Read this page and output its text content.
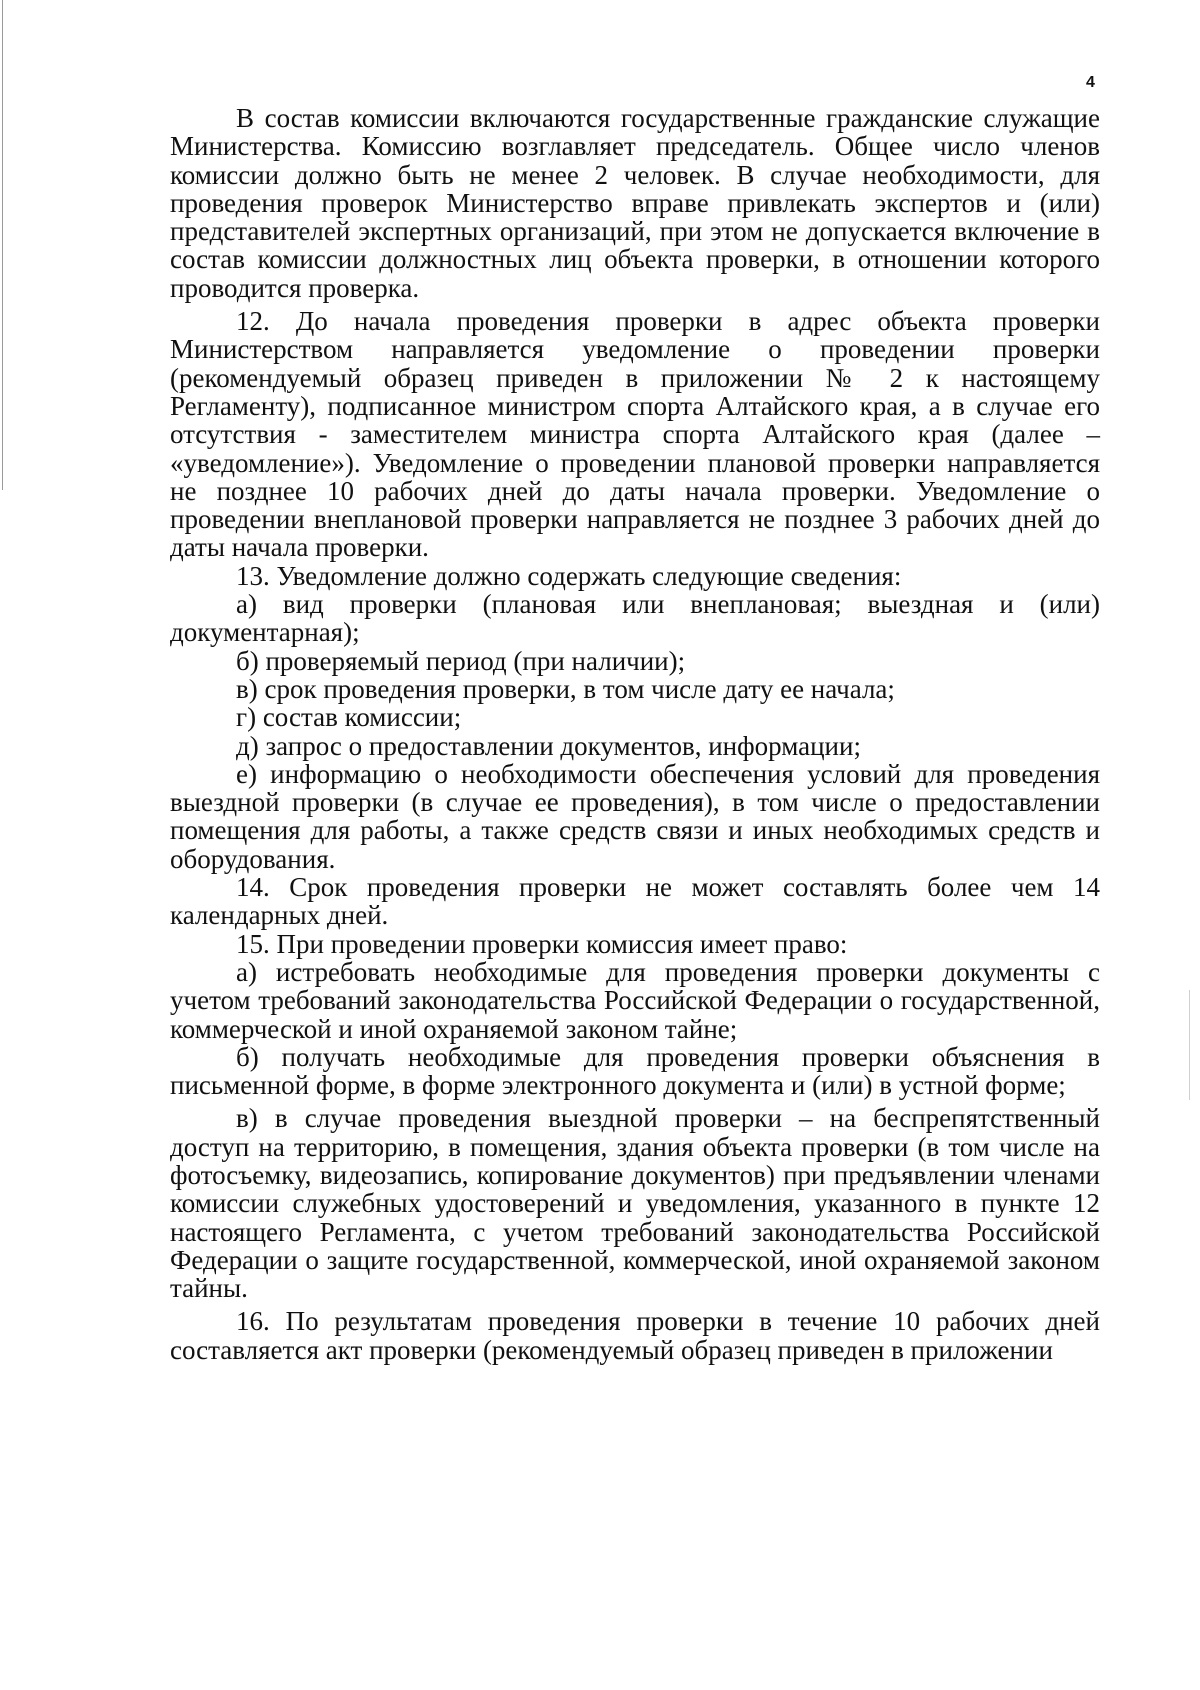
4

В состав комиссии включаются государственные гражданские служащие Министерства. Комиссию возглавляет председатель. Общее число членов комиссии должно быть не менее 2 человек. В случае необходимости, для проведения проверок Министерство вправе привлекать экспертов и (или) представителей экспертных организаций, при этом не допускается включение в состав комиссии должностных лиц объекта проверки, в отношении которого проводится проверка.

12. До начала проведения проверки в адрес объекта проверки Министерством направляется уведомление о проведении проверки (рекомендуемый образец приведен в приложении № 2 к настоящему Регламенту), подписанное министром спорта Алтайского края, а в случае его отсутствия - заместителем министра спорта Алтайского края (далее – «уведомление»). Уведомление о проведении плановой проверки направляется не позднее 10 рабочих дней до даты начала проверки. Уведомление о проведении внеплановой проверки направляется не позднее 3 рабочих дней до даты начала проверки.

13. Уведомление должно содержать следующие сведения:

а) вид проверки (плановая или внеплановая; выездная и (или) документарная);

б) проверяемый период (при наличии);

в) срок проведения проверки, в том числе дату ее начала;

г) состав комиссии;

д) запрос о предоставлении документов, информации;

е) информацию о необходимости обеспечения условий для проведения выездной проверки (в случае ее проведения), в том числе о предоставлении помещения для работы, а также средств связи и иных необходимых средств и оборудования.

14. Срок проведения проверки не может составлять более чем 14 календарных дней.

15. При проведении проверки комиссия имеет право:

а) истребовать необходимые для проведения проверки документы с учетом требований законодательства Российской Федерации о государственной, коммерческой и иной охраняемой законом тайне;

б) получать необходимые для проведения проверки объяснения в письменной форме, в форме электронного документа и (или) в устной форме;

в) в случае проведения выездной проверки – на беспрепятственный доступ на территорию, в помещения, здания объекта проверки (в том числе на фотосъемку, видеозапись, копирование документов) при предъявлении членами комиссии служебных удостоверений и уведомления, указанного в пункте 12 настоящего Регламента, с учетом требований законодательства Российской Федерации о защите государственной, коммерческой, иной охраняемой законом тайны.

16. По результатам проведения проверки в течение 10 рабочих дней составляется акт проверки (рекомендуемый образец приведен в приложении
